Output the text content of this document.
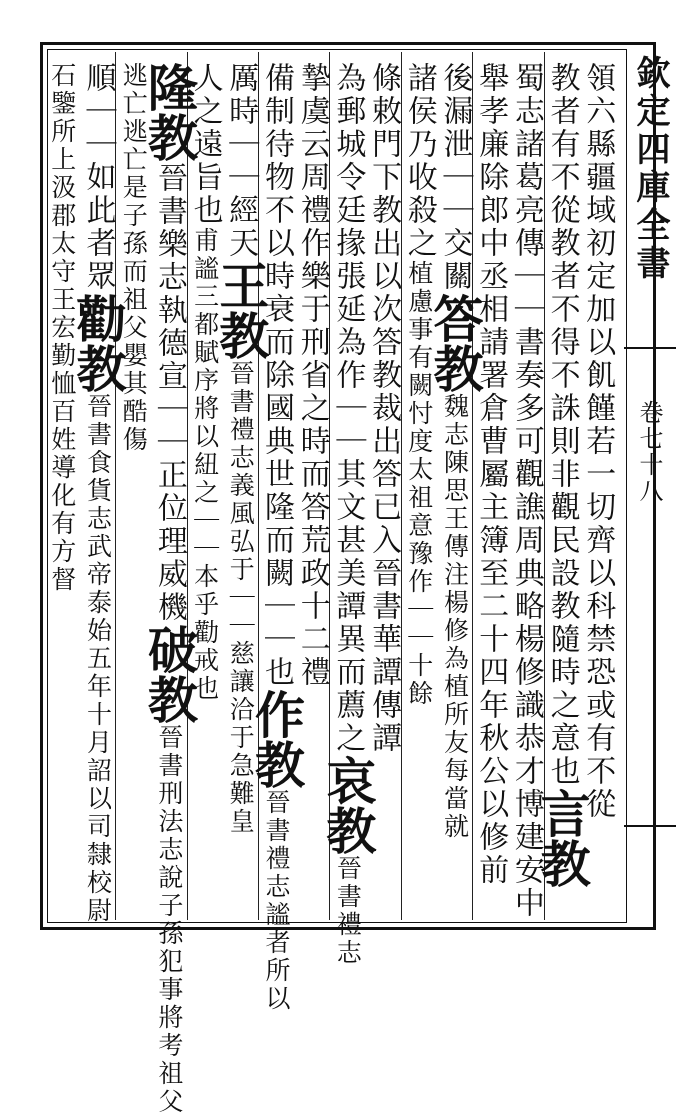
欽定四庫全書
卷七十八
領六縣疆域初定加以飢饉若一切齊以科禁恐或有不從
教者有不從教者不得不誅則非觀民設教隨時之意也言教
蜀志諸葛亮傳｜｜書奏多可觀譙周典略楊修識恭才博建安中
舉孝廉除郎中丞相請署倉曹屬主簿至二十四年秋公以修前
後漏泄｜｜交關答教魏志陳思王傳注楊修為植所友每當就
諸侯乃收殺之植慮事有闕忖度太祖意豫作｜｜十餘
條敕門下教出以次答教裁出答已入晉書華譚傳譚
為郵城令廷掾張延為作｜｜其文甚美譚異而薦之哀教晉書禮志
摯虞云周禮作樂于刑省之時而答荒政十二禮
備制待物不以時衰而除國典世隆而闕｜｜也作教晉書禮志謐者所以
厲時｜｜經天王教晉書禮志義風弘于｜｜慈讓洽于急難皇
人之遠旨也甫謐三都賦序將以紐之｜｜本乎勸戒也
隆教晉書樂志執德宣｜｜正位理威機破教晉書刑法志說子孫犯事將考祖父
逃亡逃亡是子孫而祖父嬰其酷傷
順｜｜如此者眾勸教晉書食貨志武帝泰始五年十月詔以司隸校尉
石鑒所上汲郡太守王宏勤恤百姓導化有方督
